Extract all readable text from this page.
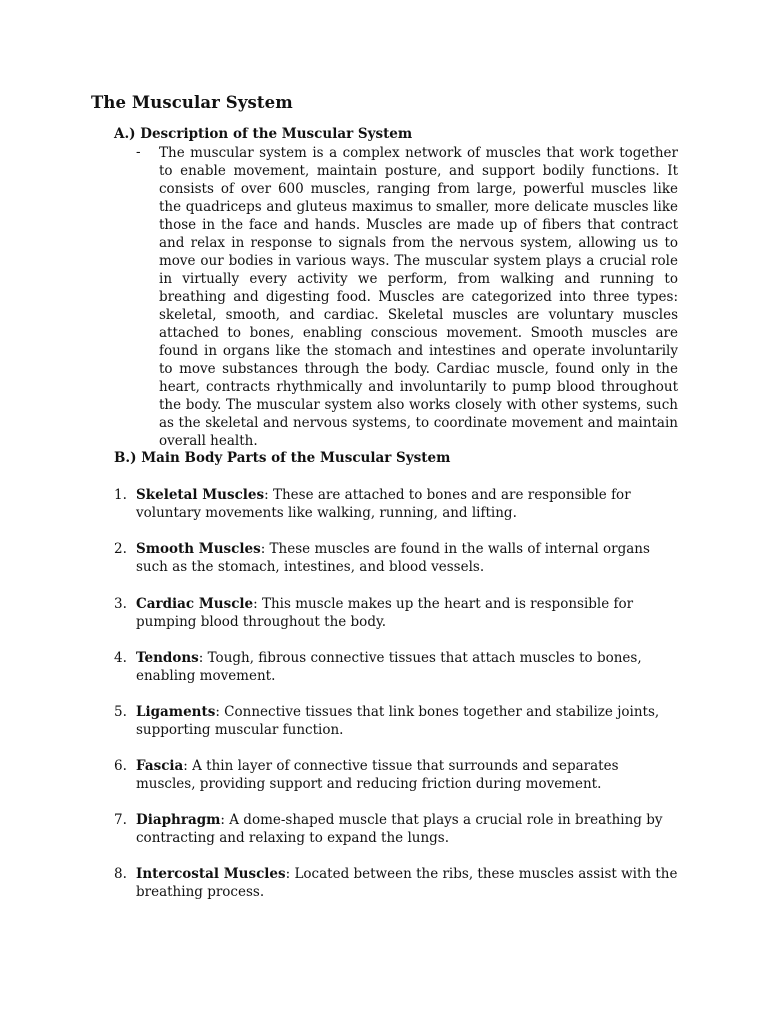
The Muscular System
A.) Description of the Muscular System
- The muscular system is a complex network of muscles that work together to enable movement, maintain posture, and support bodily functions. It consists of over 600 muscles, ranging from large, powerful muscles like the quadriceps and gluteus maximus to smaller, more delicate muscles like those in the face and hands. Muscles are made up of fibers that contract and relax in response to signals from the nervous system, allowing us to move our bodies in various ways. The muscular system plays a crucial role in virtually every activity we perform, from walking and running to breathing and digesting food. Muscles are categorized into three types: skeletal, smooth, and cardiac. Skeletal muscles are voluntary muscles attached to bones, enabling conscious movement. Smooth muscles are found in organs like the stomach and intestines and operate involuntarily to move substances through the body. Cardiac muscle, found only in the heart, contracts rhythmically and involuntarily to pump blood throughout the body. The muscular system also works closely with other systems, such as the skeletal and nervous systems, to coordinate movement and maintain overall health.

B.) Main Body Parts of the Muscular System
1. Skeletal Muscles: These are attached to bones and are responsible for voluntary movements like walking, running, and lifting.
2. Smooth Muscles: These muscles are found in the walls of internal organs such as the stomach, intestines, and blood vessels.
3. Cardiac Muscle: This muscle makes up the heart and is responsible for pumping blood throughout the body.
4. Tendons: Tough, fibrous connective tissues that attach muscles to bones, enabling movement.
5. Ligaments: Connective tissues that link bones together and stabilize joints, supporting muscular function.
6. Fascia: A thin layer of connective tissue that surrounds and separates muscles, providing support and reducing friction during movement.
7. Diaphragm: A dome-shaped muscle that plays a crucial role in breathing by contracting and relaxing to expand the lungs.
8. Intercostal Muscles: Located between the ribs, these muscles assist with the breathing process.
